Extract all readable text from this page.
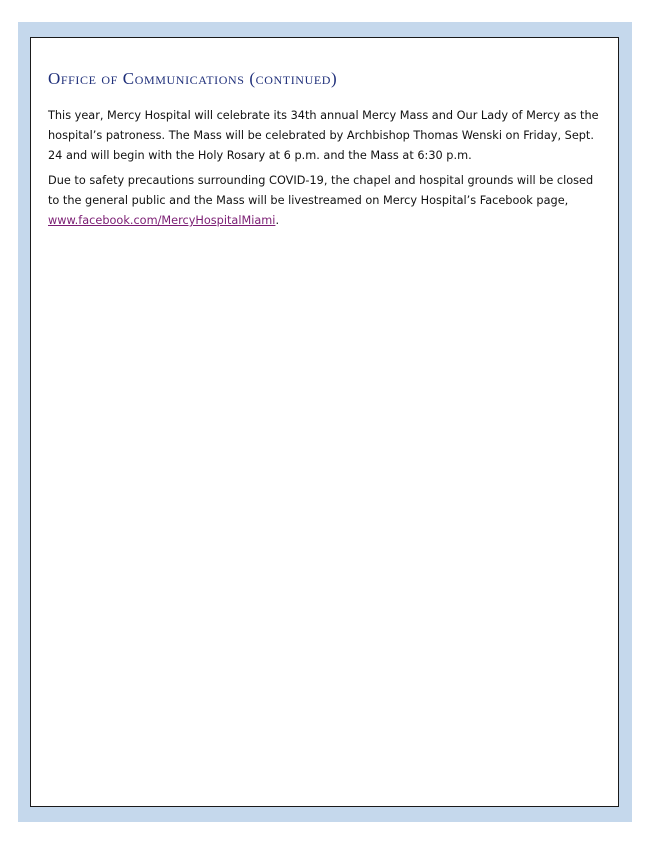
Office of Communications (continued)

This year, Mercy Hospital will celebrate its 34th annual Mercy Mass and Our Lady of Mercy as the hospital’s patroness. The Mass will be celebrated by Archbishop Thomas Wenski on Friday, Sept. 24 and will begin with the Holy Rosary at 6 p.m. and the Mass at 6:30 p.m.

Due to safety precautions surrounding COVID-19, the chapel and hospital grounds will be closed to the general public and the Mass will be livestreamed on Mercy Hospital’s Facebook page, www.facebook.com/MercyHospitalMiami.
